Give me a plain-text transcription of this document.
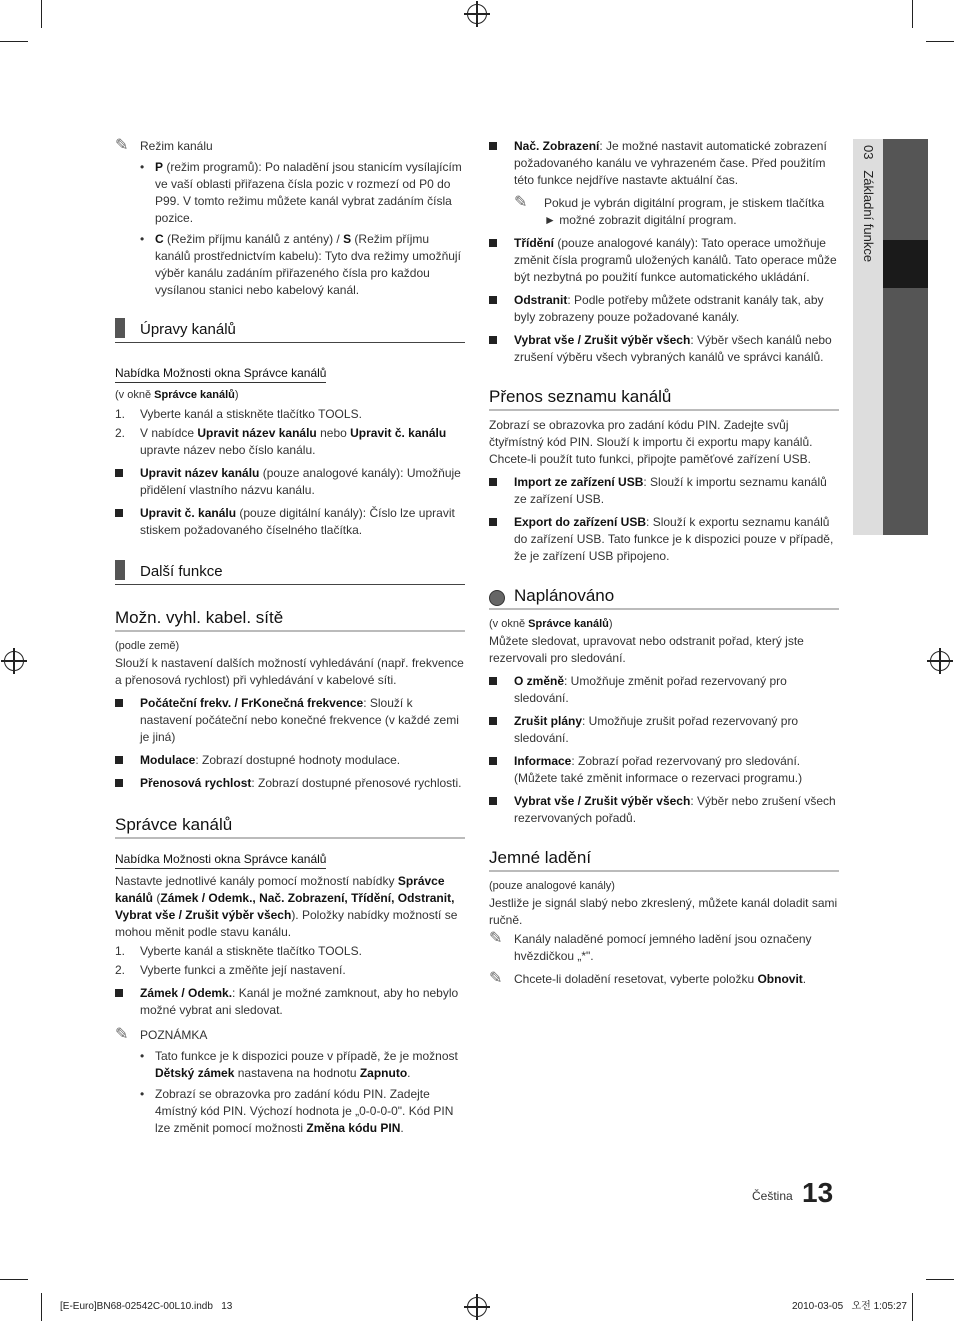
03   Základní funkce
✎ Režim kanálu
• P (režim programů): Po naladění jsou stanicím vysílajícím ve vaší oblasti přiřazena čísla pozic v rozmezí od P0 do P99. V tomto režimu můžete kanál vybrat zadáním čísla pozice.
• C (Režim příjmu kanálů z antény) / S (Režim příjmu kanálů prostřednictvím kabelu): Tyto dva režimy umožňují výběr kanálu zadáním přiřazeného čísla pro každou vysílanou stanici nebo kabelový kanál.
Úpravy kanálů
Nabídka Možnosti okna Správce kanálů

(v okně Správce kanálů)

1. Vyberte kanál a stiskněte tlačítko TOOLS.
2. V nabídce Upravit název kanálu nebo Upravit č. kanálu upravte název nebo číslo kanálu.
Upravit název kanálu (pouze analogové kanály): Umožňuje přidělení vlastního názvu kanálu.
Upravit č. kanálu (pouze digitální kanály): Číslo lze upravit stiskem požadovaného číselného tlačítka.
Další funkce
Možn. vyhl. kabel. sítě

(podle země)

Slouží k nastavení dalších možností vyhledávání (např. frekvence a přenosová rychlost) při vyhledávání v kabelové síti.

Počáteční frekv. / FrKonečná frekvence: Slouží k nastavení počáteční nebo konečné frekvence (v každé zemi je jiná)
Modulace: Zobrazí dostupné hodnoty modulace.
Přenosová rychlost: Zobrazí dostupné přenosové rychlosti.
Správce kanálů
Nabídka Možnosti okna Správce kanálů

Nastavte jednotlivé kanály pomocí možností nabídky Správce kanálů (Zámek / Odemk., Nač. Zobrazení, Třídění, Odstranit, Vybrat vše / Zrušit výběr všech). Položky nabídky možností se mohou měnit podle stavu kanálu.

1. Vyberte kanál a stiskněte tlačítko TOOLS.
2. Vyberte funkci a změňte její nastavení.
Zámek / Odemk.: Kanál je možné zamknout, aby ho nebylo možné vybrat ani sledovat.
✎ POZNÁMKA
• Tato funkce je k dispozici pouze v případě, že je možnost Dětský zámek nastavena na hodnotu Zapnuto.
• Zobrazí se obrazovka pro zadání kódu PIN. Zadejte 4místný kód PIN. Výchozí hodnota je „0-0-0-0". Kód PIN lze změnit pomocí možnosti Změna kódu PIN.
Nač. Zobrazení: Je možné nastavit automatické zobrazení požadovaného kanálu ve vyhrazeném čase. Před použitím této funkce nejdříve nastavte aktuální čas.
✎ Pokud je vybrán digitální program, je stiskem tlačítka ► možné zobrazit digitální program.
Třídění (pouze analogové kanály): Tato operace umožňuje změnit čísla programů uložených kanálů. Tato operace může být nezbytná po použití funkce automatického ukládání.
Odstranit: Podle potřeby můžete odstranit kanály tak, aby byly zobrazeny pouze požadované kanály.
Vybrat vše / Zrušit výběr všech: Výběr všech kanálů nebo zrušení výběru všech vybraných kanálů ve správci kanálů.
Přenos seznamu kanálů

Zobrazí se obrazovka pro zadání kódu PIN. Zadejte svůj čtyřmístný kód PIN. Slouží k importu či exportu mapy kanálů. Chcete-li použít tuto funkci, připojte paměťové zařízení USB.

Import ze zařízení USB: Slouží k importu seznamu kanálů ze zařízení USB.
Export do zařízení USB: Slouží k exportu seznamu kanálů do zařízení USB. Tato funkce je k dispozici pouze v případě, že je zařízení USB připojeno.
Naplánováno

(v okně Správce kanálů)

Můžete sledovat, upravovat nebo odstranit pořad, který jste rezervovali pro sledování.

O změně: Umožňuje změnit pořad rezervovaný pro sledování.
Zrušit plány: Umožňuje zrušit pořad rezervovaný pro sledování.
Informace: Zobrazí pořad rezervovaný pro sledování. (Můžete také změnit informace o rezervaci programu.)
Vybrat vše / Zrušit výběr všech: Výběr nebo zrušení všech rezervovaných pořadů.
Jemné ladění

(pouze analogové kanály)

Jestliže je signál slabý nebo zkreslený, můžete kanál doladit sami ručně.

✎ Kanály naladěné pomocí jemného ladění jsou označeny hvězdičkou „*".
✎ Chcete-li doladění resetovat, vyberte položku Obnovit.
Čeština 13
[E-Euro]BN68-02542C-00L10.indb   13	2010-03-05   오전 1:05:27
